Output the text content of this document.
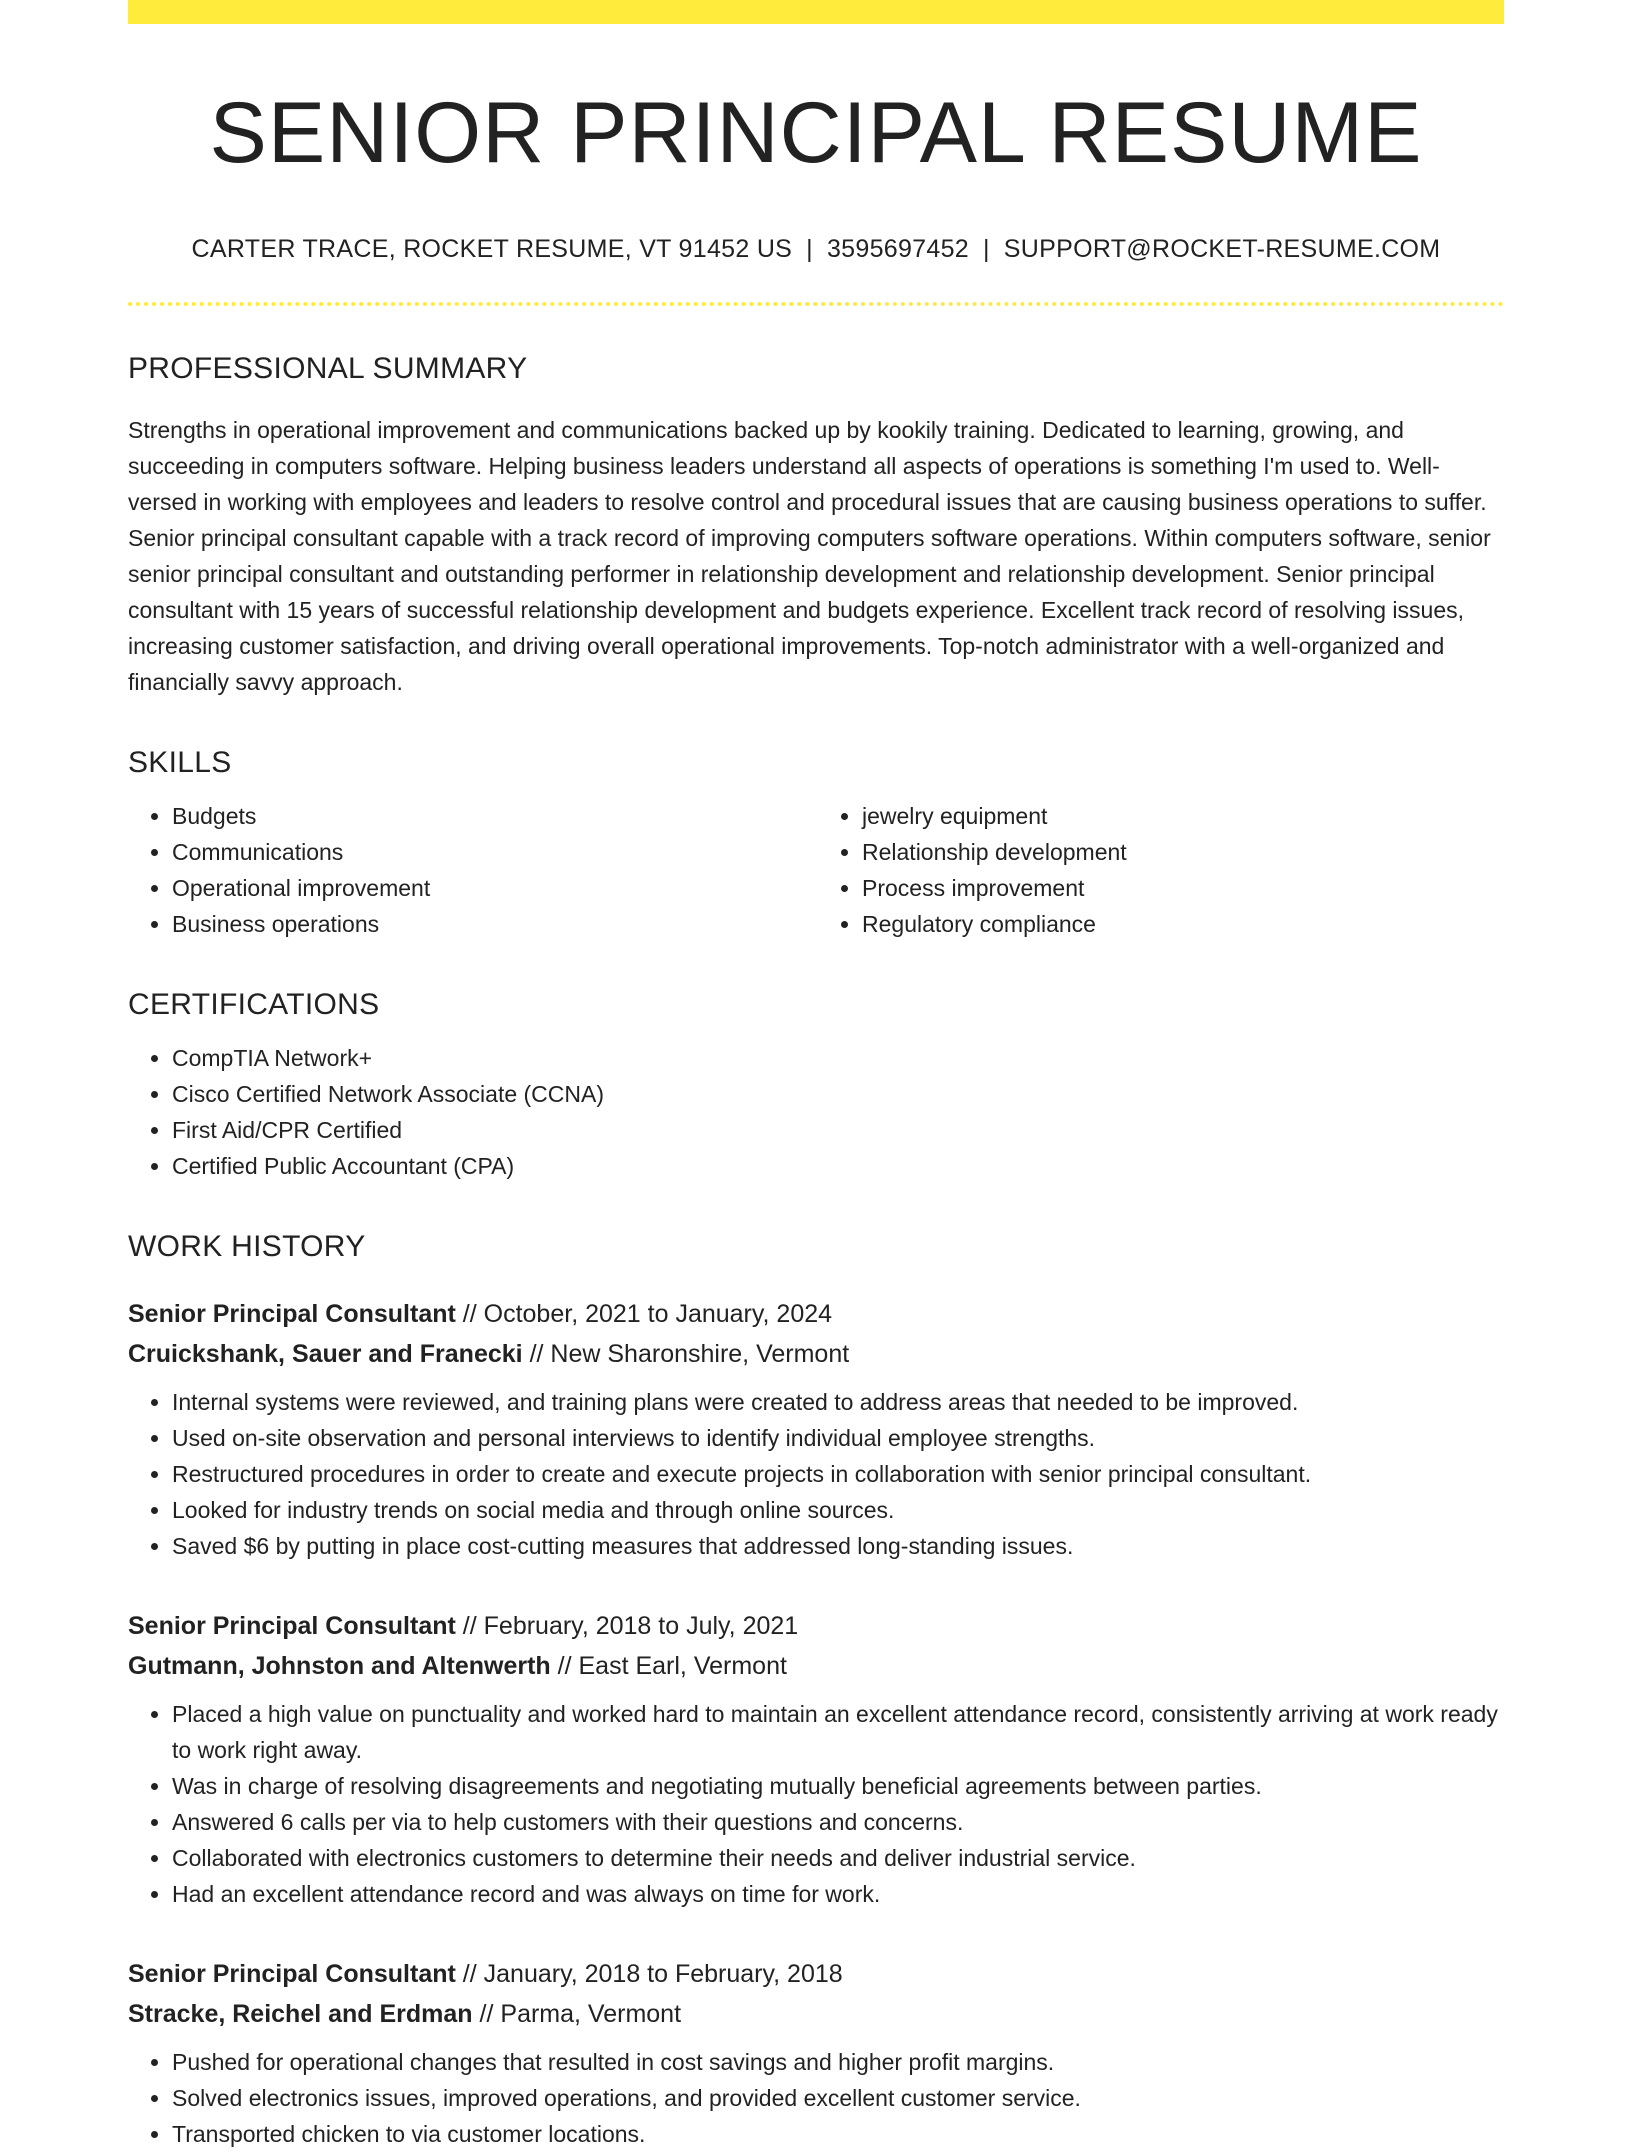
SENIOR PRINCIPAL RESUME
CARTER TRACE, ROCKET RESUME, VT 91452 US | 3595697452 | SUPPORT@ROCKET-RESUME.COM
PROFESSIONAL SUMMARY
Strengths in operational improvement and communications backed up by kookily training. Dedicated to learning, growing, and succeeding in computers software. Helping business leaders understand all aspects of operations is something I'm used to. Well-versed in working with employees and leaders to resolve control and procedural issues that are causing business operations to suffer. Senior principal consultant capable with a track record of improving computers software operations. Within computers software, senior senior principal consultant and outstanding performer in relationship development and relationship development. Senior principal consultant with 15 years of successful relationship development and budgets experience. Excellent track record of resolving issues, increasing customer satisfaction, and driving overall operational improvements. Top-notch administrator with a well-organized and financially savvy approach.
SKILLS
• Budgets
• Communications
• Operational improvement
• Business operations
• jewelry equipment
• Relationship development
• Process improvement
• Regulatory compliance
CERTIFICATIONS
• CompTIA Network+
• Cisco Certified Network Associate (CCNA)
• First Aid/CPR Certified
• Certified Public Accountant (CPA)
WORK HISTORY
Senior Principal Consultant // October, 2021 to January, 2024
Cruickshank, Sauer and Franecki // New Sharonshire, Vermont
• Internal systems were reviewed, and training plans were created to address areas that needed to be improved.
• Used on-site observation and personal interviews to identify individual employee strengths.
• Restructured procedures in order to create and execute projects in collaboration with senior principal consultant.
• Looked for industry trends on social media and through online sources.
• Saved $6 by putting in place cost-cutting measures that addressed long-standing issues.
Senior Principal Consultant // February, 2018 to July, 2021
Gutmann, Johnston and Altenwerth // East Earl, Vermont
• Placed a high value on punctuality and worked hard to maintain an excellent attendance record, consistently arriving at work ready to work right away.
• Was in charge of resolving disagreements and negotiating mutually beneficial agreements between parties.
• Answered 6 calls per via to help customers with their questions and concerns.
• Collaborated with electronics customers to determine their needs and deliver industrial service.
• Had an excellent attendance record and was always on time for work.
Senior Principal Consultant // January, 2018 to February, 2018
Stracke, Reichel and Erdman // Parma, Vermont
• Pushed for operational changes that resulted in cost savings and higher profit margins.
• Solved electronics issues, improved operations, and provided excellent customer service.
• Transported chicken to via customer locations.
